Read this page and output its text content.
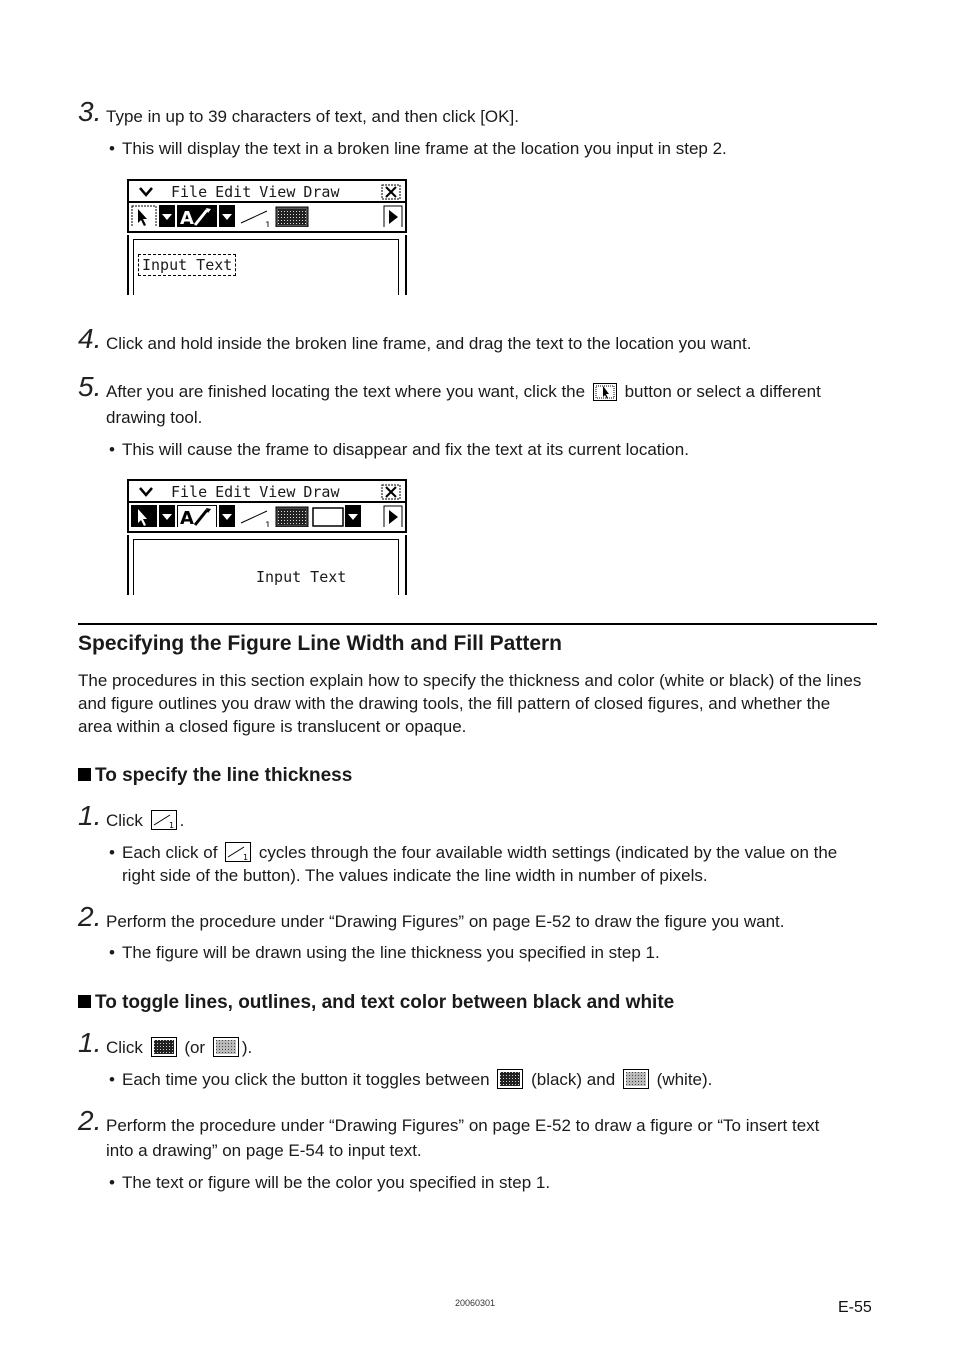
3. Type in up to 39 characters of text, and then click [OK].
• This will display the text in a broken line frame at the location you input in step 2.
File Edit View Draw
A	1
Input Text
4. Click and hold inside the broken line frame, and drag the text to the location you want.
5. After you are finished locating the text where you want, click the button or select a different
drawing tool.
• This will cause the frame to disappear and fix the text at its current location.
File Edit View Draw
A	1
Input Text
Specifying the Figure Line Width and Fill Pattern
The procedures in this section explain how to specify the thickness and color (white or black) of the lines and figure outlines you draw with the drawing tools, the fill pattern of closed figures, and whether the area within a closed figure is translucent or opaque.
To specify the line thickness
1. Click	1 .
• Each click of	1 cycles through the four available width settings (indicated by the value on the
right side of the button). The values indicate the line width in number of pixels.
2. Perform the procedure under “Drawing Figures” on page E-52 to draw the figure you want.
• The figure will be drawn using the line thickness you specified in step 1.
To toggle lines, outlines, and text color between black and white
1. Click (or ).
• Each time you click the button it toggles between (black) and (white).
2. Perform the procedure under “Drawing Figures” on page E-52 to draw a figure or “To insert text
into a drawing” on page E-54 to input text.
• The text or figure will be the color you specified in step 1.
20060301	E-55
